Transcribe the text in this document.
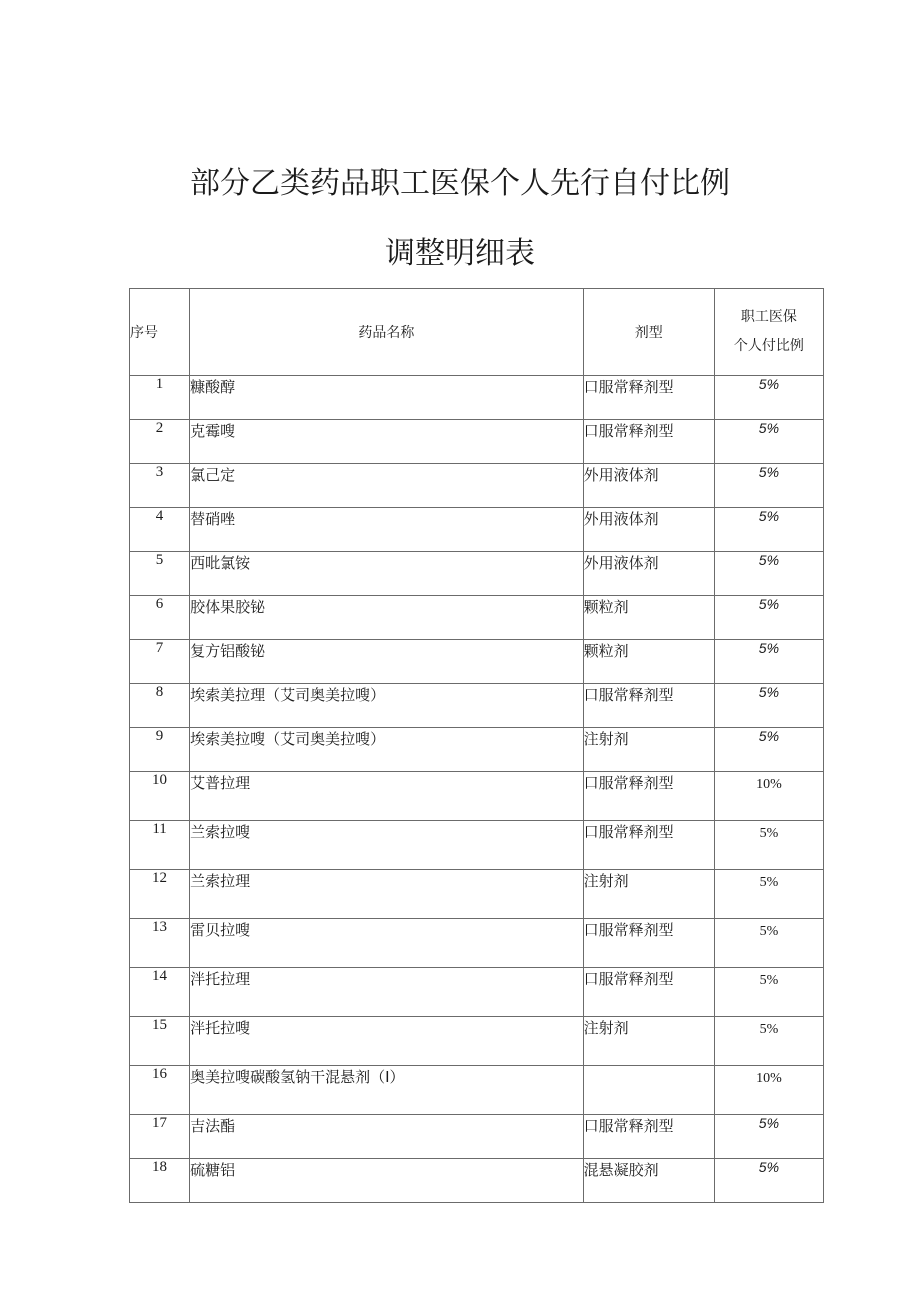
部分乙类药品职工医保个人先行自付比例
调整明细表
序号	药品名称	剂型	职工医保
个人付比例

1	糠酸醇	口服常释剂型	5%
2	克霉嗖	口服常释剂型	5%
3	氯己定	外用液体剂	5%
4	替硝唑	外用液体剂	5%
5	西吡氯铵	外用液体剂	5%
6	胶体果胶铋	颗粒剂	5%
7	复方铝酸铋	颗粒剂	5%
8	埃索美拉理（艾司奥美拉嗖）	口服常释剂型	5%
9	埃索美拉嗖（艾司奥美拉嗖）	注射剂	5%
10	艾普拉理	口服常释剂型	10%
11	兰索拉嗖	口服常释剂型	5%
12	兰索拉理	注射剂	5%
13	雷贝拉嗖	口服常释剂型	5%
14	泮托拉理	口服常释剂型	5%
15	泮托拉嗖	注射剂	5%
16	奥美拉嗖碳酸氢钠干混悬剂（I）		10%
17	吉法酯	口服常释剂型	5%
18	硫糖铝	混悬凝胶剂	5%
